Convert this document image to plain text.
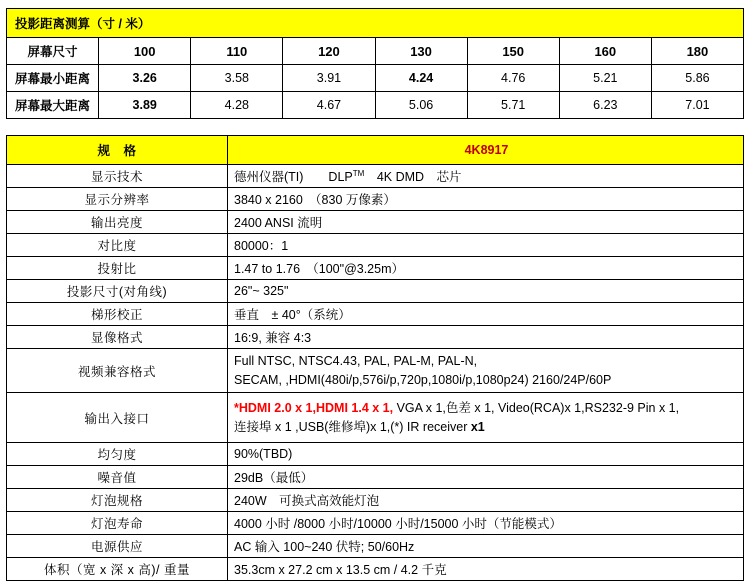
投影距离测算（寸 / 米）							
屏幕尺寸	100	110	120	130	150	160	180
屏幕最小距离	3.26	3.58	3.91	4.24	4.76	5.21	5.86
屏幕最大距离	3.89	4.28	4.67	5.06	5.71	6.23	7.01
规　格	4K8917
显示技术	德州仪器(TI)　　DLP™　4K DMD　芯片
显示分辨率	3840 x 2160　（830 万像素）
输出亮度	2400 ANSI 流明
对比度	80000：1
投射比	1.47 to 1.76　（100"@3.25m）
投影尺寸(对角线)	26"~ 325"
梯形校正	垂直　± 40°（系统）
显像格式	16:9, 兼容 4:3
视频兼容格式	Full NTSC, NTSC4.43, PAL, PAL-M, PAL-N,
SECAM, ,HDMI(480i/p,576i/p,720p,1080i/p,1080p24) 2160/24P/60P

输出入接口	*HDMI 2.0 x 1,HDMI 1.4 x 1, VGA x 1,色差 x 1, Video(RCA)x 1,RS232-9 Pin x 1,
连接埠 x 1 ,USB(维修埠)x 1,(*) IR receiver x1

均匀度	90%(TBD)
噪音值	29dB（最低）
灯泡规格	240W　可换式高效能灯泡
灯泡寿命	4000 小时 /8000 小时/10000 小时/15000 小时（节能模式）
电源供应	AC 输入 100~240 伏特; 50/60Hz
体积（宽 x 深 x 高)/ 重量	35.3cm x 27.2 cm x 13.5 cm / 4.2 千克
